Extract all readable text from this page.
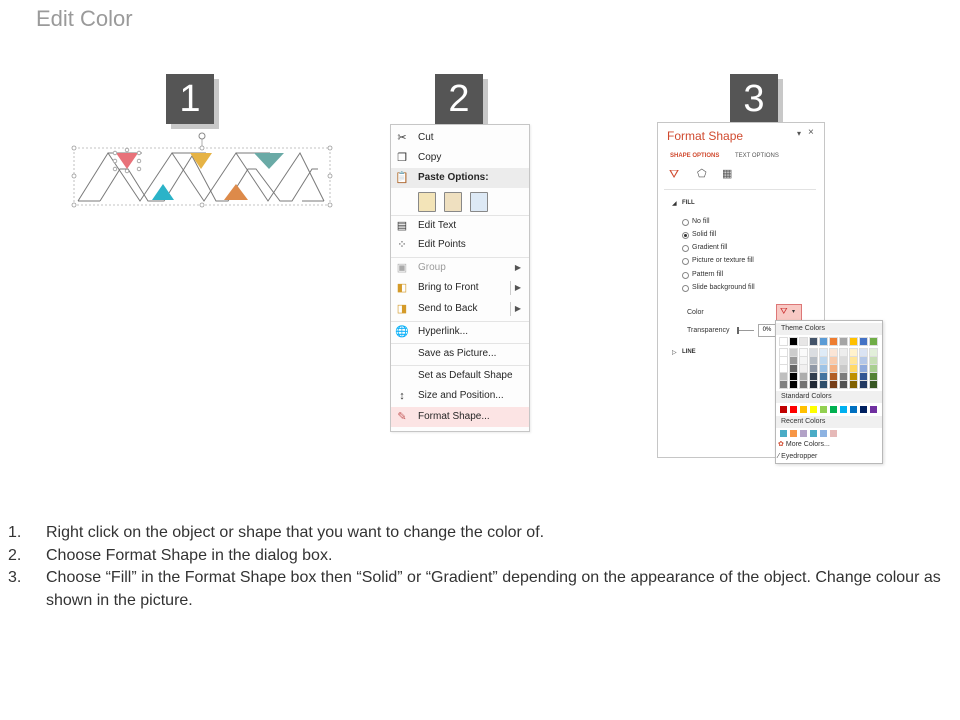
Edit Color
1	2	3
✂ Cut
❐ Copy
📋 Paste Options:
▤ Edit Text
⁘ Edit Points
▣ Group	▶
◧ Bring to Front	▶
◨ Send to Back	▶
🌐 Hyperlink...
Save as Picture...
Set as Default Shape
↕	Size and Position...
✎ Format Shape...
Format Shape	▾ ×
SHAPE OPTIONS	TEXT OPTIONS
⛛ ⬠ ▦
◢ FILL
No fill
Solid fill
Gradient fill
Picture or texture fill
Pattern fill
Slide background fill
Color	⛛ ▾
Transparency	0%
▷ LINE
Theme Colors
Standard Colors
Recent Colors
✿ More Colors...
⁄ Eyedropper
1.	Right click on the object or shape that you want to change the color of.
2.	Choose Format Shape in the dialog box.
3.	Choose “Fill” in the Format Shape box then “Solid” or “Gradient” depending on the appearance of the object. Change colour as shown in the picture.
